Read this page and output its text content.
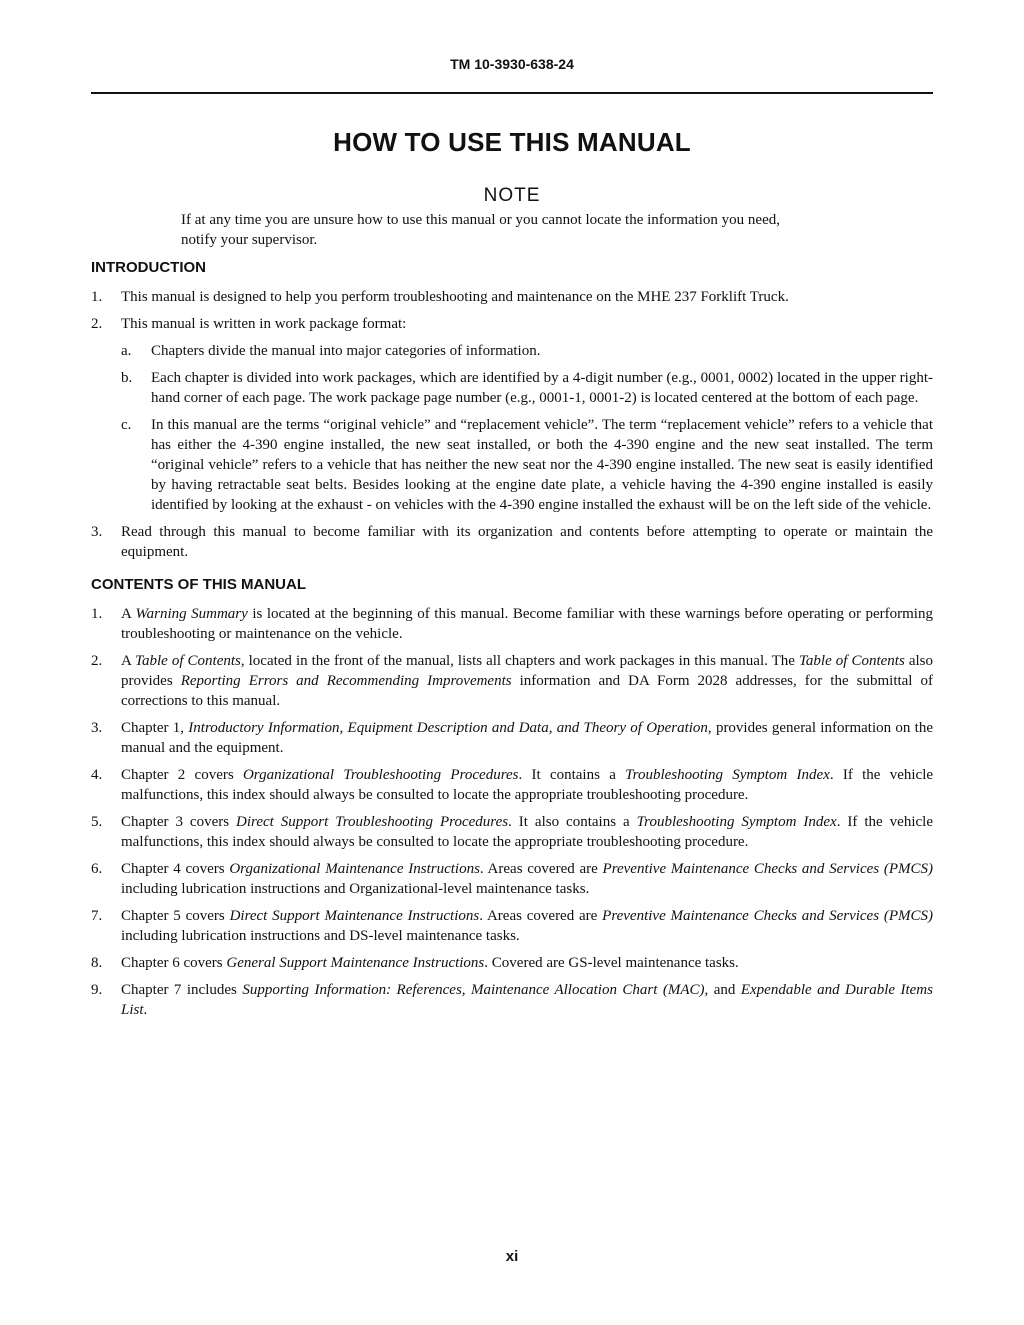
TM 10-3930-638-24
HOW TO USE THIS MANUAL
NOTE
If at any time you are unsure how to use this manual or you cannot locate the information you need,
notify your supervisor.
INTRODUCTION
1.	This manual is designed to help you perform troubleshooting and maintenance on the MHE 237 Forklift Truck.
2.	This manual is written in work package format:
a.	Chapters divide the manual into major categories of information.
b.	Each chapter is divided into work packages, which are identified by a 4-digit number (e.g., 0001, 0002) located in the upper right-hand corner of each page. The work package page number (e.g., 0001-1, 0001-2) is located centered at the bottom of each page.
c.	In this manual are the terms “original vehicle” and “replacement vehicle”. The term “replacement vehicle” refers to a vehicle that has either the 4-390 engine installed, the new seat installed, or both the 4-390 engine and the new seat installed. The term “original vehicle” refers to a vehicle that has neither the new seat nor the 4-390 engine installed. The new seat is easily identified by having retractable seat belts. Besides looking at the engine date plate, a vehicle having the 4-390 engine installed is easily identified by looking at the exhaust - on vehicles with the 4-390 engine installed the exhaust will be on the left side of the vehicle.
3.	Read through this manual to become familiar with its organization and contents before attempting to operate or maintain the equipment.
CONTENTS OF THIS MANUAL
1.	A Warning Summary is located at the beginning of this manual. Become familiar with these warnings before operating or performing troubleshooting or maintenance on the vehicle.
2.	A Table of Contents, located in the front of the manual, lists all chapters and work packages in this manual. The Table of Contents also provides Reporting Errors and Recommending Improvements information and DA Form 2028 addresses, for the submittal of corrections to this manual.
3.	Chapter 1, Introductory Information, Equipment Description and Data, and Theory of Operation, provides general information on the manual and the equipment.
4.	Chapter 2 covers Organizational Troubleshooting Procedures. It contains a Troubleshooting Symptom Index. If the vehicle malfunctions, this index should always be consulted to locate the appropriate troubleshooting procedure.
5.	Chapter 3 covers Direct Support Troubleshooting Procedures. It also contains a Troubleshooting Symptom Index. If the vehicle malfunctions, this index should always be consulted to locate the appropriate troubleshooting procedure.
6.	Chapter 4 covers Organizational Maintenance Instructions. Areas covered are Preventive Maintenance Checks and Services (PMCS) including lubrication instructions and Organizational-level maintenance tasks.
7.	Chapter 5 covers Direct Support Maintenance Instructions. Areas covered are Preventive Maintenance Checks and Services (PMCS) including lubrication instructions and DS-level maintenance tasks.
8.	Chapter 6 covers General Support Maintenance Instructions. Covered are GS-level maintenance tasks.
9.	Chapter 7 includes Supporting Information: References, Maintenance Allocation Chart (MAC), and Expendable and Durable Items List.
xi
